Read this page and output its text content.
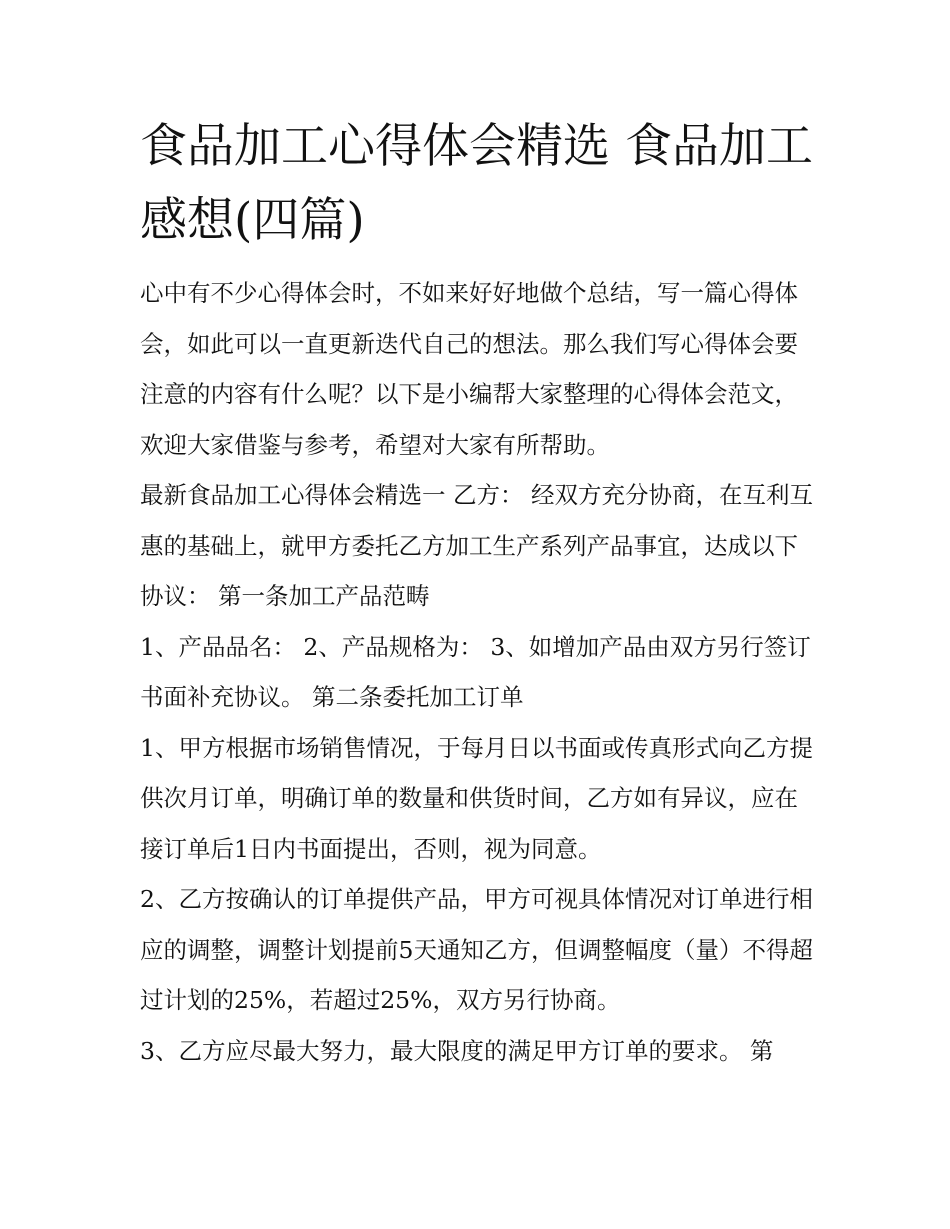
食品加工心得体会精选 食品加工感想(四篇)

心中有不少心得体会时，不如来好好地做个总结，写一篇心得体会，如此可以一直更新迭代自己的想法。那么我们写心得体会要注意的内容有什么呢？以下是小编帮大家整理的心得体会范文，欢迎大家借鉴与参考，希望对大家有所帮助。

最新食品加工心得体会精选一 乙方： 经双方充分协商，在互利互惠的基础上，就甲方委托乙方加工生产系列产品事宜，达成以下协议： 第一条加工产品范畴

1、产品品名： 2、产品规格为： 3、如增加产品由双方另行签订书面补充协议。 第二条委托加工订单

1、甲方根据市场销售情况，于每月日以书面或传真形式向乙方提供次月订单，明确订单的数量和供货时间，乙方如有异议，应在接订单后1日内书面提出，否则，视为同意。

2、乙方按确认的订单提供产品，甲方可视具体情况对订单进行相应的调整，调整计划提前5天通知乙方，但调整幅度（量）不得超过计划的25%，若超过25%，双方另行协商。

3、乙方应尽最大努力，最大限度的满足甲方订单的要求。 第
